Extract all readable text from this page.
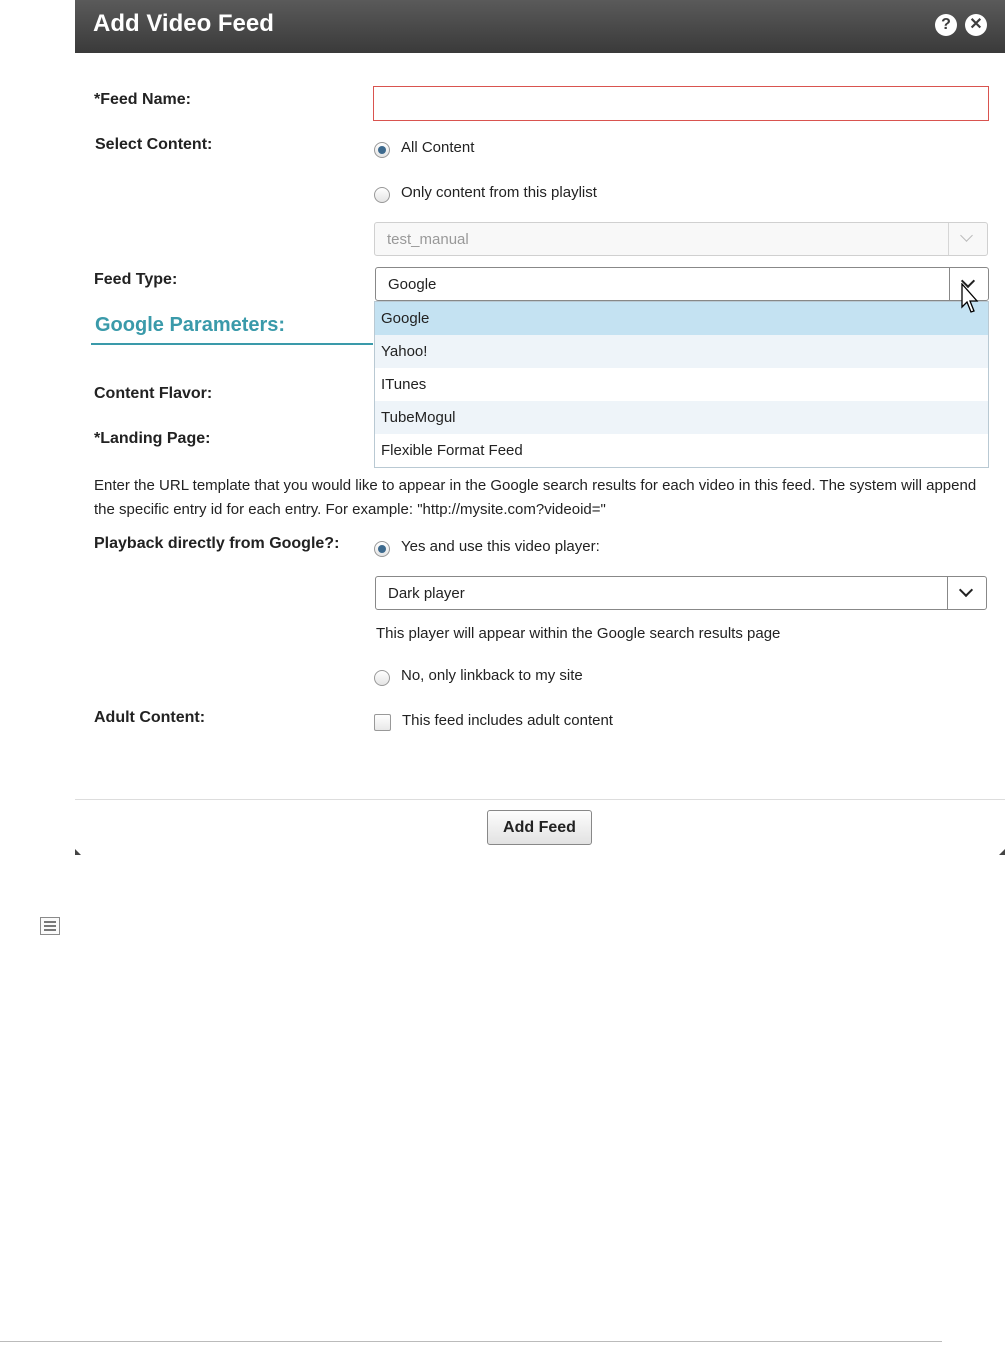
Add Video Feed	?	✕
*Feed Name:
Select Content:	All Content
Only content from this playlist
test_manual
Feed Type:	Google
Google Parameters:
Content Flavor:
*Landing Page:
Enter the URL template that you would like to appear in the Google search results for each video in this feed. The system will append the specific entry id for each entry. For example: "http://mysite.com?videoid="
Playback directly from Google?:	Yes and use this video player:
Dark player
This player will appear within the Google search results page
No, only linkback to my site
Adult Content:	This feed includes adult content
Google
Yahoo!
ITunes
TubeMogul
Flexible Format Feed
Add Feed
